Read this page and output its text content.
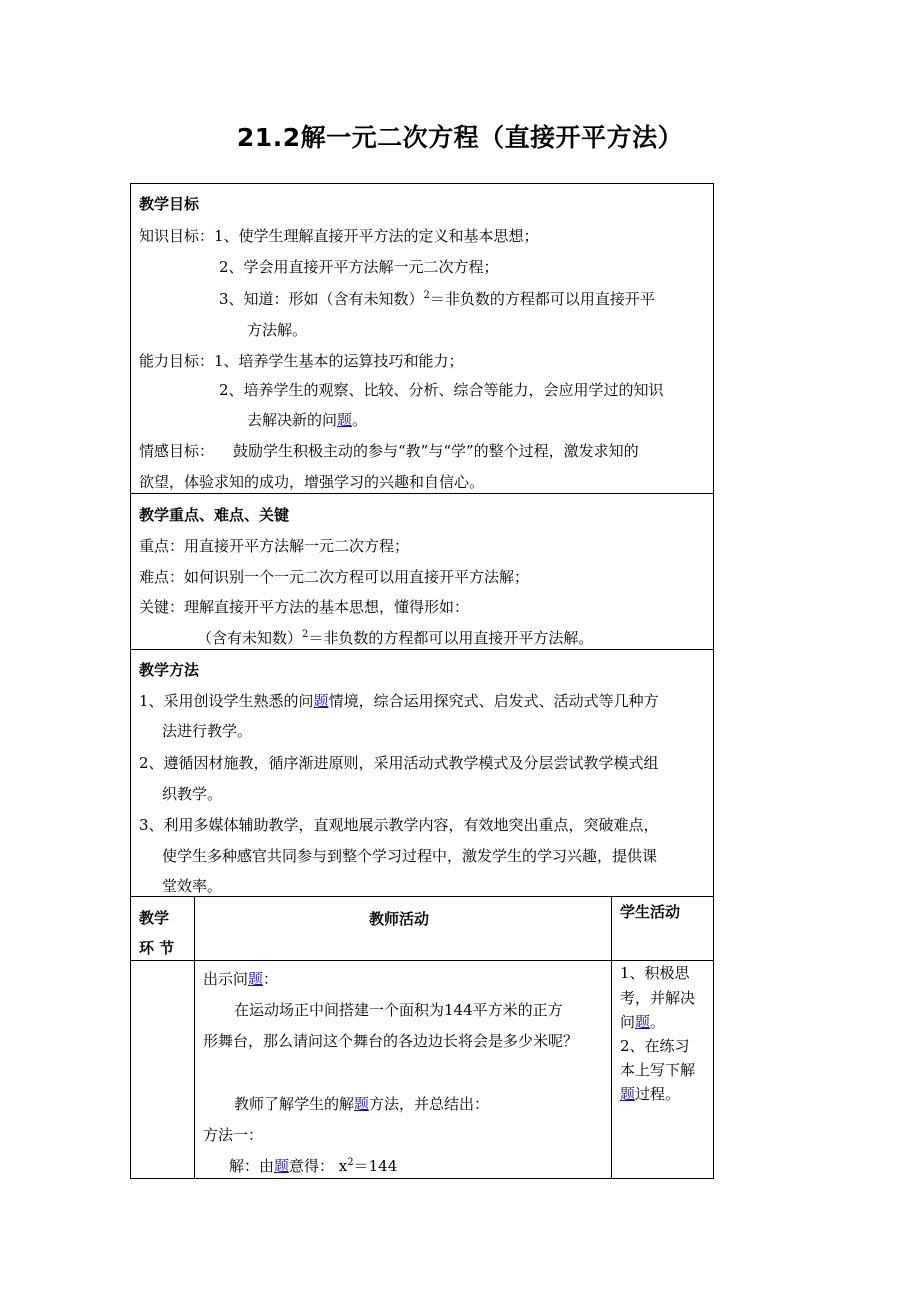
21.2解一元二次方程（直接开平方法）
教学目标
知识目标：1、使学生理解直接开平方法的定义和基本思想；
2、学会用直接开平方法解一元二次方程；
3、知道：形如（含有未知数）$^2$＝非负数的方程都可以用直接开平
方法解。
能力目标：1、培养学生基本的运算技巧和能力；
2、培养学生的观察、比较、分析、综合等能力，会应用学过的知识
去解决新的问题。
情感目标： 鼓励学生积极主动的参与“教”与“学”的整个过程，激发求知的
欲望，体验求知的成功，增强学习的兴趣和自信心。
教学重点、难点、关键
重点：用直接开平方法解一元二次方程；
难点：如何识别一个一元二次方程可以用直接开平方法解；
关键：理解直接开平方法的基本思想，懂得形如：
（含有未知数）$^2$＝非负数的方程都可以用直接开平方法解。
教学方法
1、采用创设学生熟悉的问题情境，综合运用探究式、启发式、活动式等几种方
法进行教学。
2、遵循因材施教，循序渐进原则，采用活动式教学模式及分层尝试教学模式组
织教学。
3、利用多媒体辅助教学，直观地展示教学内容，有效地突出重点，突破难点，
使学生多种感官共同参与到整个学习过程中，激发学生的学习兴趣，提供课
堂效率。
教学
环 节
教师活动	学生活动
出示问题：
在运动场正中间搭建一个面积为144平方米的正方
形舞台，那么请问这个舞台的各边边长将会是多少米呢？
教师了解学生的解题方法，并总结出：
方法一：
解：由题意得： $x^2=144$
1、积极思
考，并解决
问题。
2、在练习
本上写下解
题过程。
